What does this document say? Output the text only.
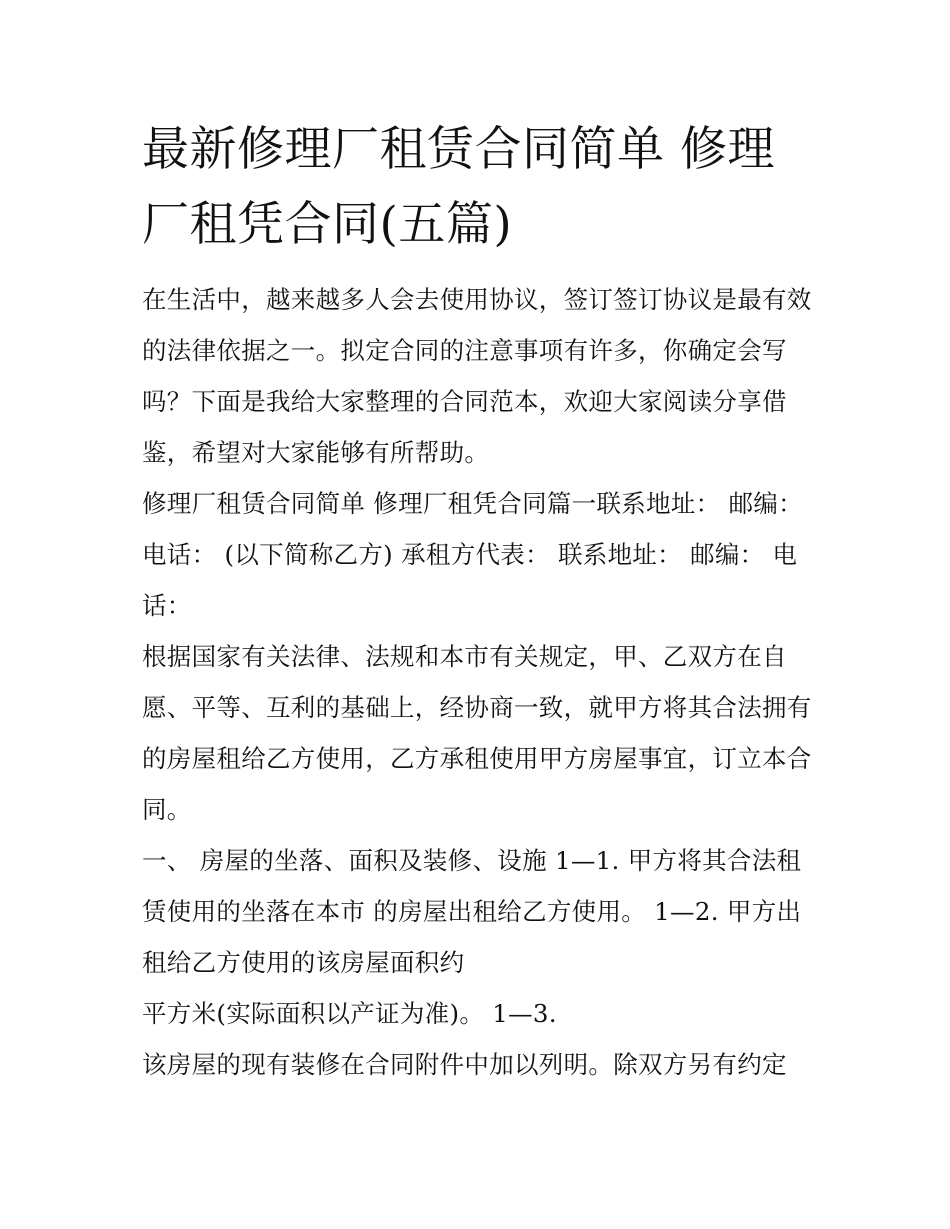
最新修理厂租赁合同简单 修理厂租凭合同(五篇)

在生活中，越来越多人会去使用协议，签订签订协议是最有效的法律依据之一。拟定合同的注意事项有许多，你确定会写吗？下面是我给大家整理的合同范本，欢迎大家阅读分享借鉴，希望对大家能够有所帮助。

修理厂租赁合同简单 修理厂租凭合同篇一联系地址： 邮编： 电话： (以下简称乙方) 承租方代表： 联系地址： 邮编： 电话：

根据国家有关法律、法规和本市有关规定，甲、乙双方在自愿、平等、互利的基础上，经协商一致，就甲方将其合法拥有的房屋租给乙方使用，乙方承租使用甲方房屋事宜，订立本合同。

一、 房屋的坐落、面积及装修、设施 1—1. 甲方将其合法租赁使用的坐落在本市 的房屋出租给乙方使用。 1—2. 甲方出租给乙方使用的该房屋面积约

平方米(实际面积以产证为准)。 1—3.

该房屋的现有装修在合同附件中加以列明。除双方另有约定
